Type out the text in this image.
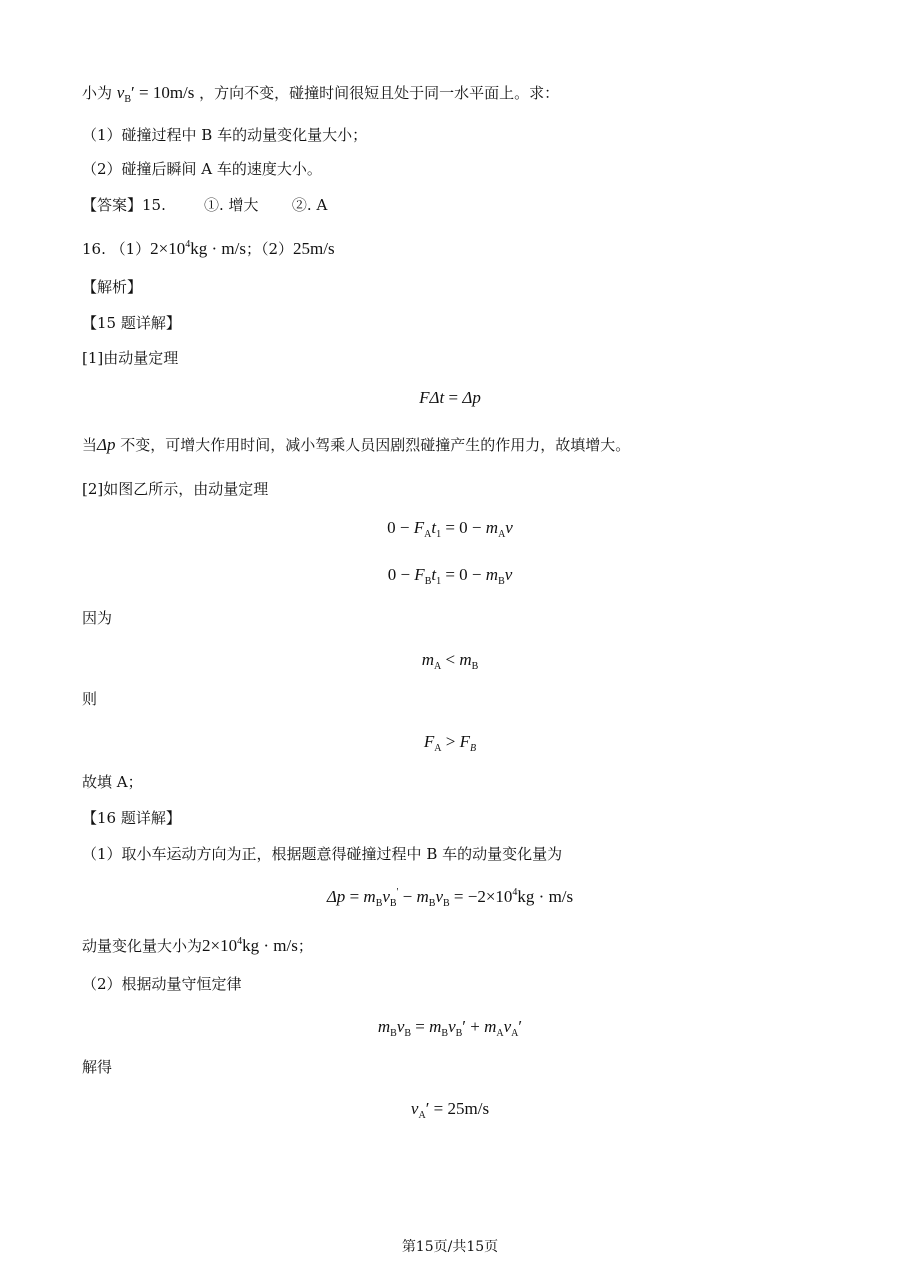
小为 $v_B' = 10m/s$ ，方向不变，碰撞时间很短且处于同一水平面上。求：
（1）碰撞过程中 B 车的动量变化量大小；
（2）碰撞后瞬间 A 车的速度大小。
【答案】15.        ①. 增大       ②. A
16. $(1)2\times 10^4kg \cdot m/s$；（2）25m/s
【解析】
【15 题详解】
[1]由动量定理
FΔt = Δp
当Δp 不变，可增大作用时间，减小驾乘人员因剧烈碰撞产生的作用力，故填增大。
[2]如图乙所示，由动量定理
$0 - F_At_1 = 0 - m_Av$
$0 - F_Bt_1 = 0 - m_Bv$
因为
$m_A < m_B$
则
$F_A > F_B$
故填 A；
【16 题详解】
（1）取小车运动方向为正，根据题意得碰撞过程中 B 车的动量变化量为
$\Delta p = m_Bv_B' - m_Bv_B = -2\times 10^4kg \cdot m/s$
动量变化量大小为$2\times 10^4kg \cdot m/s$；
（2）根据动量守恒定律
$m_Bv_B = m_Bv_B' + m_Av_A'$
解得
$v_A' = 25m/s$
第15页/共15页
